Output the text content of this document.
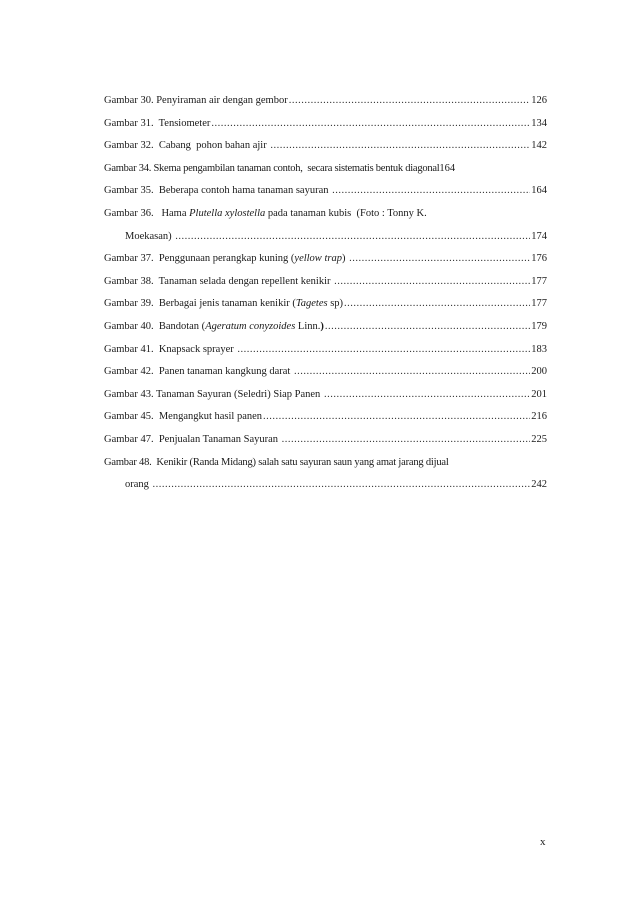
Gambar 30. Penyiraman air dengan gembor .....	126
Gambar 31.  Tensiometer .....	134
Gambar 32.  Cabang  pohon bahan ajir .....	142
Gambar 34. Skema pengambilan tanaman contoh,  secara sistematis bentuk diagonal 164
Gambar 35.  Beberapa contoh hama tanaman sayuran .....	164
Gambar 36.   Hama Plutella xylostella pada tanaman kubis  (Foto : Tonny K.
Moekasan) .....	174
Gambar 37.  Penggunaan perangkap kuning (yellow trap) .....	176
Gambar 38.  Tanaman selada dengan repellent kenikir .....	177
Gambar 39.  Berbagai jenis tanaman kenikir (Tagetes sp) .....	177
Gambar 40.  Bandotan (Ageratum conyzoides Linn.) .....	179
Gambar 41.  Knapsack sprayer .....	183
Gambar 42.  Panen tanaman kangkung darat .....	200
Gambar 43. Tanaman Sayuran (Seledri) Siap Panen .....	201
Gambar 45.  Mengangkut hasil panen .....	216
Gambar 47.  Penjualan Tanaman Sayuran .....	225
Gambar 48.  Kenikir (Randa Midang) salah satu sayuran saun yang amat jarang dijual
orang .....	242
x
